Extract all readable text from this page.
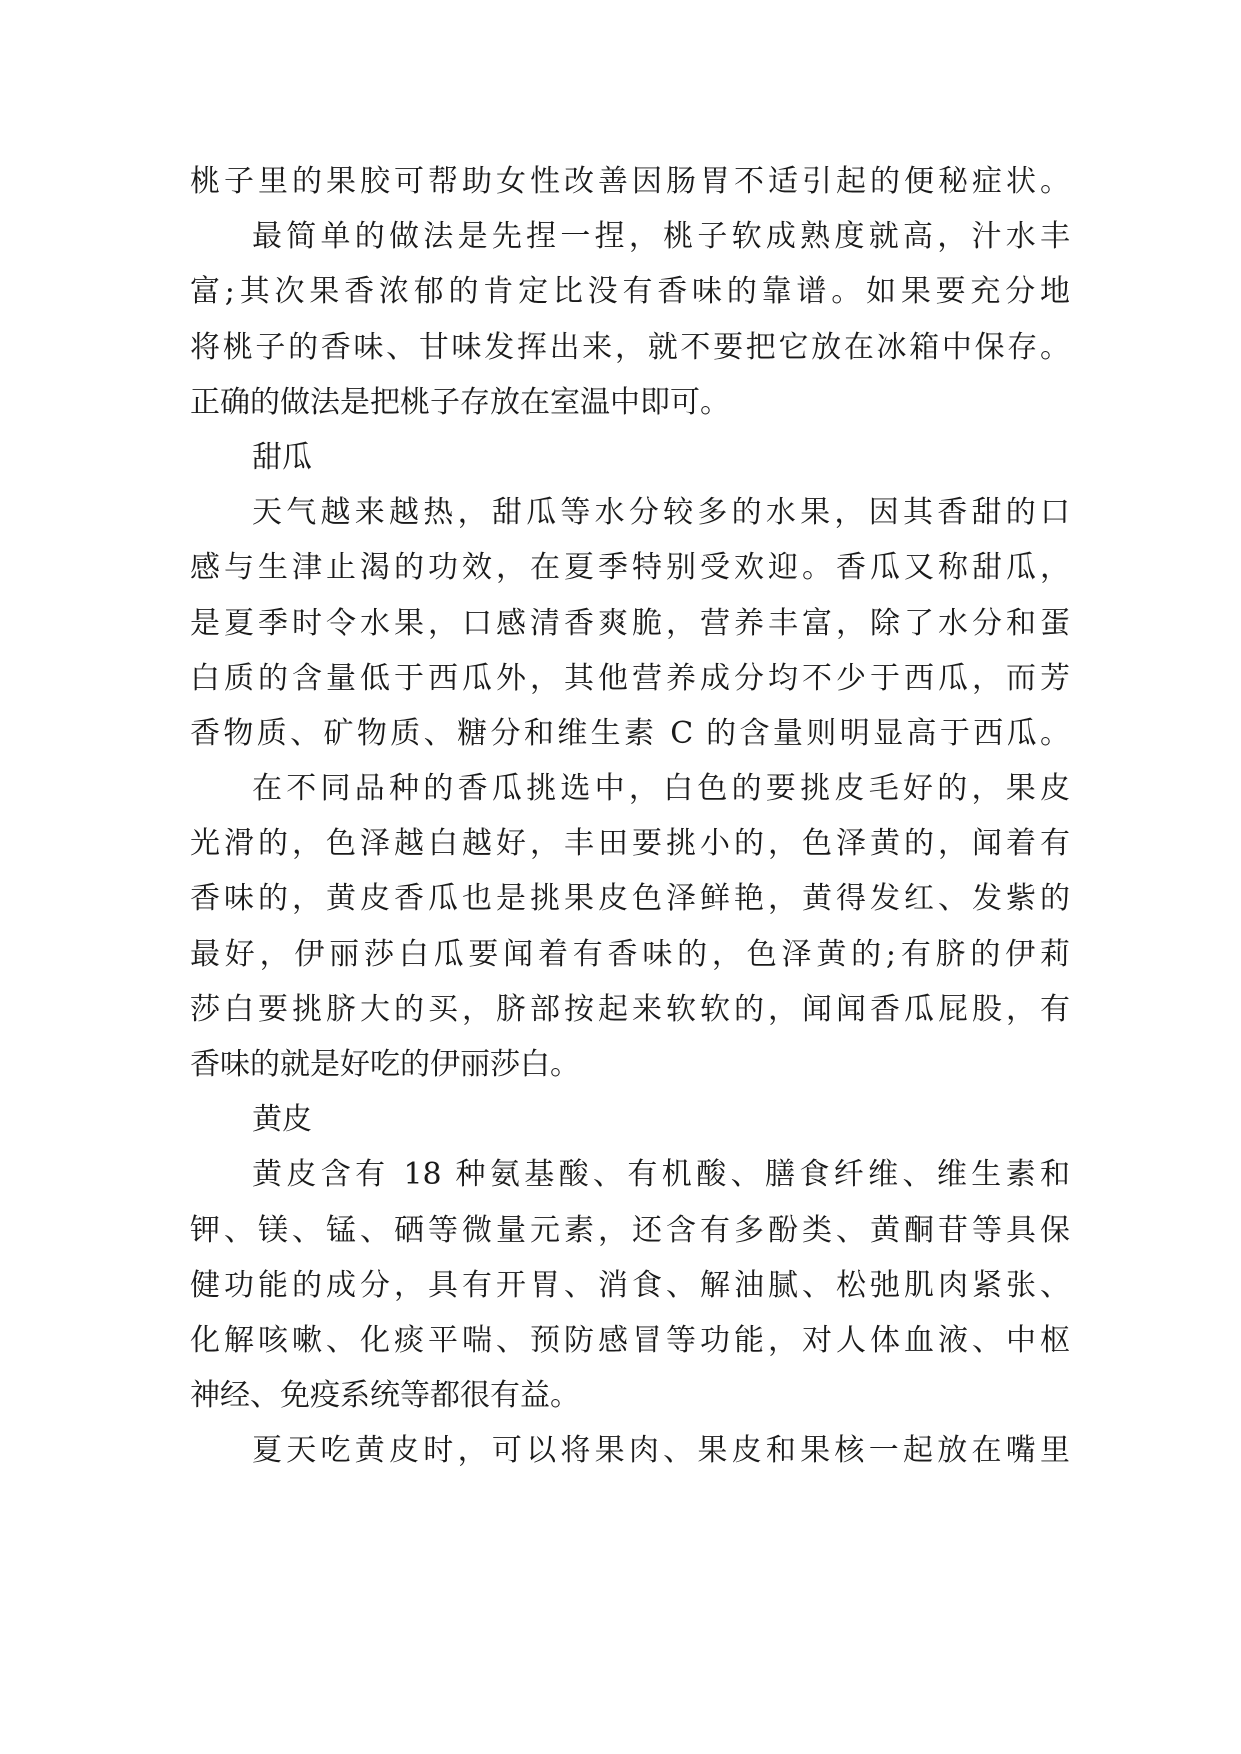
桃子里的果胶可帮助女性改善因肠胃不适引起的便秘症状。
最简单的做法是先捏一捏，桃子软成熟度就高，汁水丰
富;其次果香浓郁的肯定比没有香味的靠谱。如果要充分地
将桃子的香味、甘味发挥出来，就不要把它放在冰箱中保存。
正确的做法是把桃子存放在室温中即可。
甜瓜
天气越来越热，甜瓜等水分较多的水果，因其香甜的口
感与生津止渴的功效，在夏季特别受欢迎。香瓜又称甜瓜，
是夏季时令水果，口感清香爽脆，营养丰富，除了水分和蛋
白质的含量低于西瓜外，其他营养成分均不少于西瓜，而芳
香物质、矿物质、糖分和维生素 C 的含量则明显高于西瓜。
在不同品种的香瓜挑选中，白色的要挑皮毛好的，果皮
光滑的，色泽越白越好，丰田要挑小的，色泽黄的，闻着有
香味的，黄皮香瓜也是挑果皮色泽鲜艳，黄得发红、发紫的
最好，伊丽莎白瓜要闻着有香味的，色泽黄的;有脐的伊莉
莎白要挑脐大的买，脐部按起来软软的，闻闻香瓜屁股，有
香味的就是好吃的伊丽莎白。
黄皮
黄皮含有 18 种氨基酸、有机酸、膳食纤维、维生素和
钾、镁、锰、硒等微量元素，还含有多酚类、黄酮苷等具保
健功能的成分，具有开胃、消食、解油腻、松弛肌肉紧张、
化解咳嗽、化痰平喘、预防感冒等功能，对人体血液、中枢
神经、免疫系统等都很有益。
夏天吃黄皮时，可以将果肉、果皮和果核一起放在嘴里
